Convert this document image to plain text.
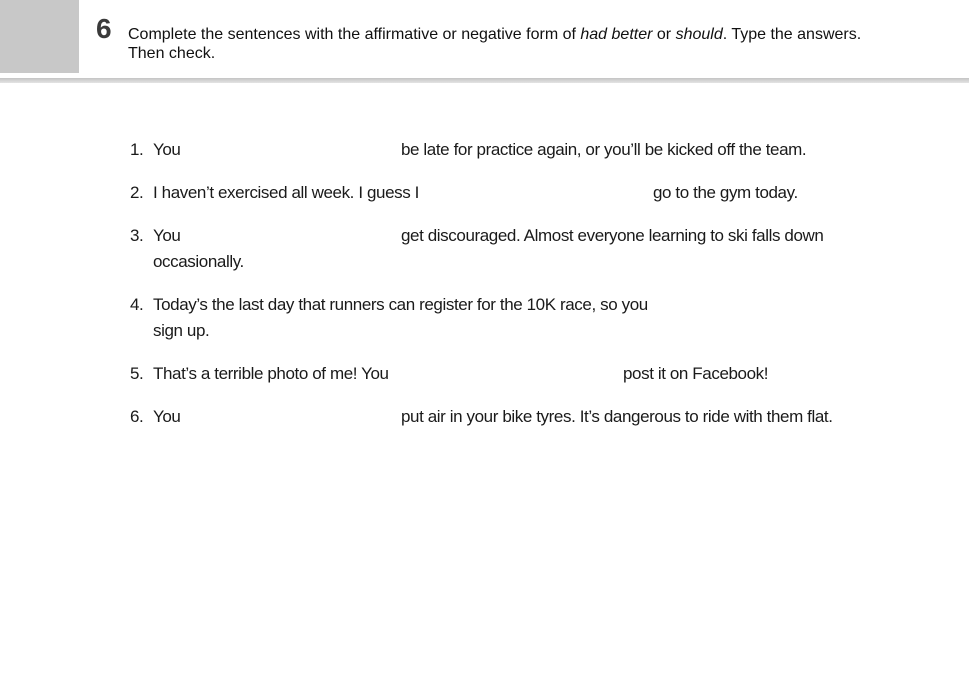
6 Complete the sentences with the affirmative or negative form of had better or should. Type the answers.
Then check.
1. You	be late for practice again, or you’ll be kicked off the team.
2. I haven’t exercised all week. I guess I	go to the gym today.
3. You	get discouraged. Almost everyone learning to ski falls down
occasionally.
4. Today’s the last day that runners can register for the 10K race, so you
sign up.
5. That’s a terrible photo of me! You	post it on Facebook!
6. You	put air in your bike tyres. It’s dangerous to ride with them flat.
